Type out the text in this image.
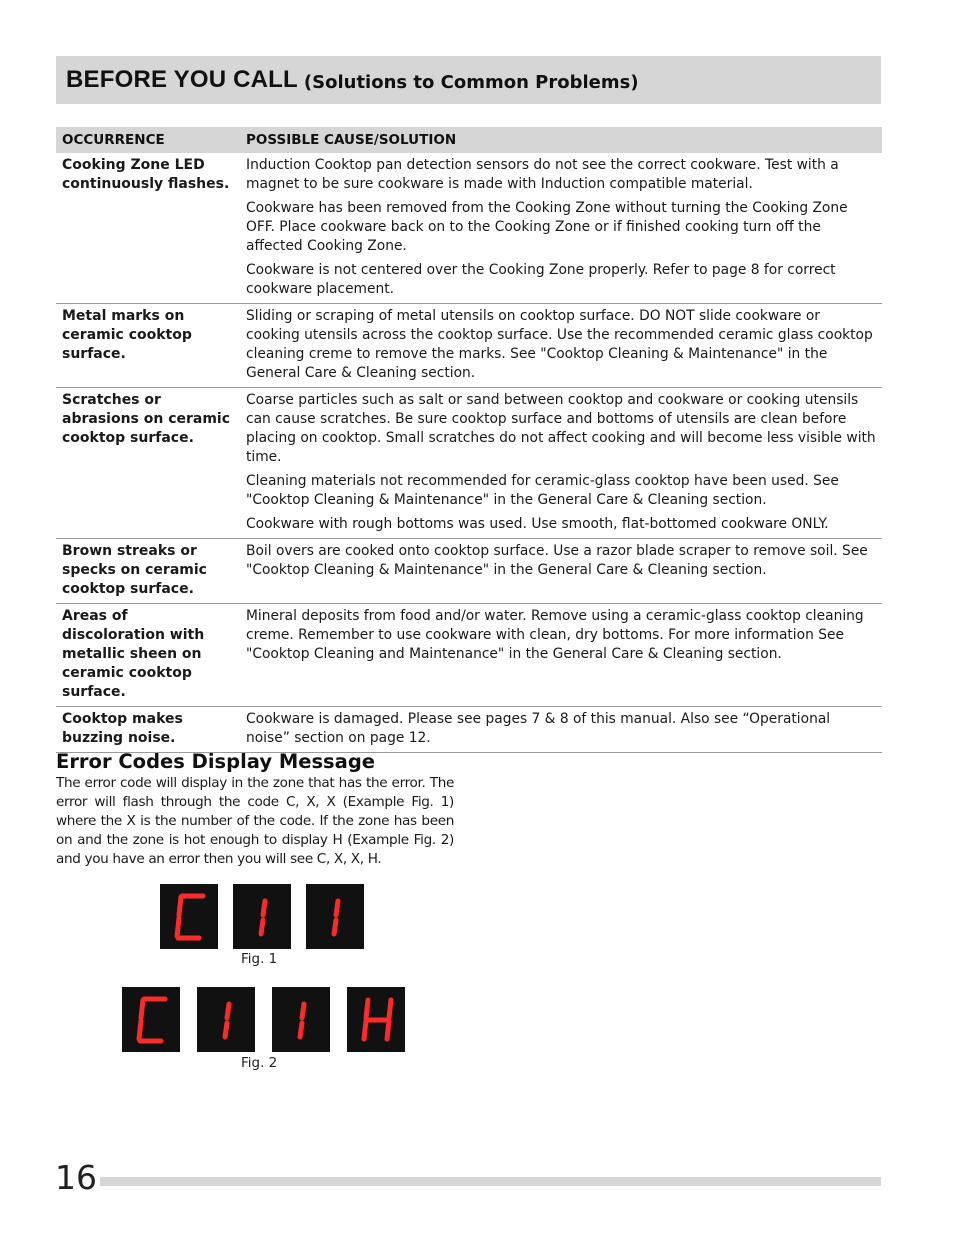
BEFORE YOU CALL (Solutions to Common Problems)
OCCURRENCE	POSSIBLE CAUSE/SOLUTION
Cooking Zone LED continuously flashes.	Induction Cooktop pan detection sensors do not see the correct cookware. Test with a magnet to be sure cookware is made with Induction compatible material.
Cookware has been removed from the Cooking Zone without turning the Cooking Zone OFF. Place cookware back on to the Cooking Zone or if finished cooking turn off the affected Cooking Zone.
Cookware is not centered over the Cooking Zone properly. Refer to page 8 for correct cookware placement.

Metal marks on ceramic cooktop surface.	Sliding or scraping of metal utensils on cooktop surface. DO NOT slide cookware or cooking utensils across the cooktop surface. Use the recommended ceramic glass cooktop cleaning creme to remove the marks. See "Cooktop Cleaning & Maintenance" in the General Care & Cleaning section.

Scratches or abrasions on ceramic cooktop surface.	Coarse particles such as salt or sand between cooktop and cookware or cooking utensils can cause scratches. Be sure cooktop surface and bottoms of utensils are clean before placing on cooktop. Small scratches do not affect cooking and will become less visible with time.
Cleaning materials not recommended for ceramic-glass cooktop have been used. See "Cooktop Cleaning & Maintenance" in the General Care & Cleaning section.
Cookware with rough bottoms was used. Use smooth, flat-bottomed cookware ONLY.

Brown streaks or specks on ceramic cooktop surface.	Boil overs are cooked onto cooktop surface. Use a razor blade scraper to remove soil. See "Cooktop Cleaning & Maintenance" in the General Care & Cleaning section.

Areas of discoloration with metallic sheen on ceramic cooktop surface.	Mineral deposits from food and/or water. Remove using a ceramic-glass cooktop cleaning creme. Remember to use cookware with clean, dry bottoms. For more information See "Cooktop Cleaning and Maintenance" in the General Care & Cleaning section.

Cooktop makes buzzing noise.	Cookware is damaged. Please see pages 7 & 8 of this manual. Also see “Operational noise” section on page 12.
Error Codes Display Message

The error code will display in the zone that has the error. The error will flash through the code C, X, X (Example Fig. 1) where the X is the number of the code. If the zone has been on and the zone is hot enough to display H (Example Fig. 2) and you have an error then you will see C, X, X, H.

Fig. 1
Fig. 2
16
